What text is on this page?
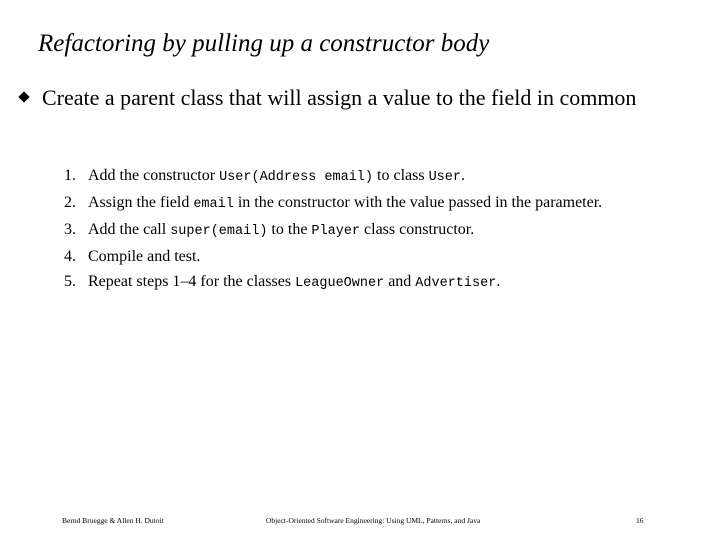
Refactoring by pulling up a constructor body
Create a parent class that will assign a value to the field in common
1. Add the constructor User(Address email) to class User.
2. Assign the field email in the constructor with the value passed in the parameter.
3. Add the call super(email) to the Player class constructor.
4. Compile and test.
5. Repeat steps 1–4 for the classes LeagueOwner and Advertiser.
Bernd Bruegge & Allen H. Dutoit	Object-Oriented Software Engineering: Using UML, Patterns, and Java	16
